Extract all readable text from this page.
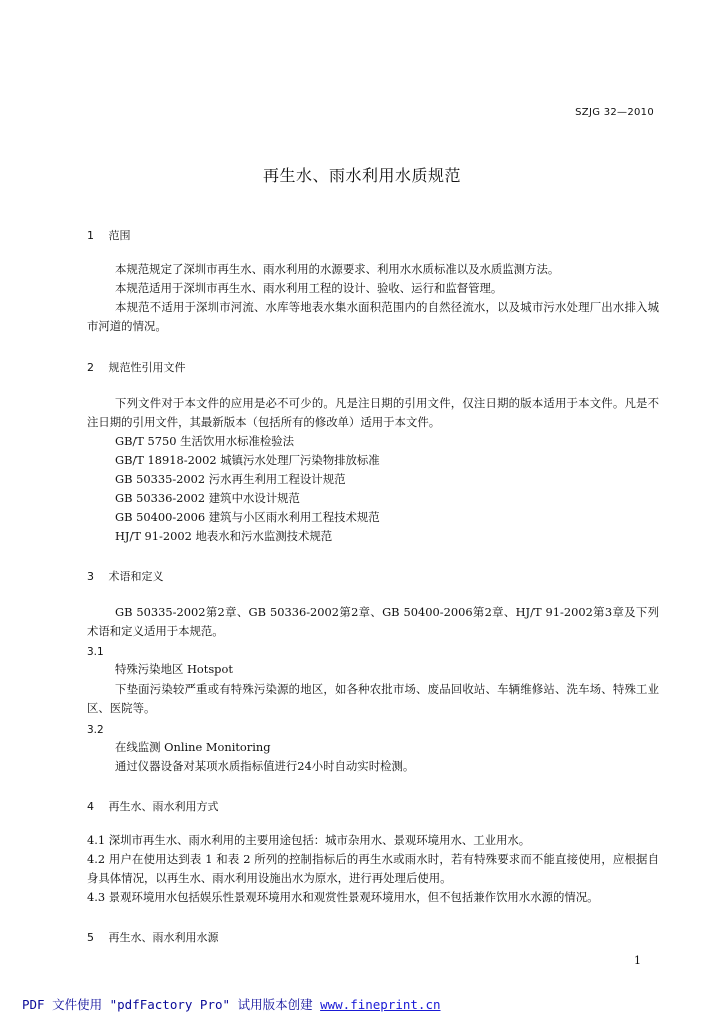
SZJG 32—2010
再生水、雨水利用水质规范
1 范围
本规范规定了深圳市再生水、雨水利用的水源要求、利用水水质标准以及水质监测方法。
本规范适用于深圳市再生水、雨水利用工程的设计、验收、运行和监督管理。
本规范不适用于深圳市河流、水库等地表水集水面积范围内的自然径流水，以及城市污水处理厂出水排入城市河道的情况。
2 规范性引用文件
下列文件对于本文件的应用是必不可少的。凡是注日期的引用文件，仅注日期的版本适用于本文件。凡是不注日期的引用文件，其最新版本（包括所有的修改单）适用于本文件。
GB/T 5750 生活饮用水标准检验法
GB/T 18918-2002 城镇污水处理厂污染物排放标准
GB 50335-2002 污水再生利用工程设计规范
GB 50336-2002 建筑中水设计规范
GB 50400-2006 建筑与小区雨水利用工程技术规范
HJ/T 91-2002 地表水和污水监测技术规范
3 术语和定义
GB 50335-2002第2章、GB 50336-2002第2章、GB 50400-2006第2章、HJ/T 91-2002第3章及下列术语和定义适用于本规范。
3.1
特殊污染地区 Hotspot
下垫面污染较严重或有特殊污染源的地区，如各种农批市场、废品回收站、车辆维修站、洗车场、特殊工业区、医院等。
3.2
在线监测 Online Monitoring
通过仪器设备对某项水质指标值进行24小时自动实时检测。
4 再生水、雨水利用方式
4.1 深圳市再生水、雨水利用的主要用途包括：城市杂用水、景观环境用水、工业用水。
4.2 用户在使用达到表 1 和表 2 所列的控制指标后的再生水或雨水时，若有特殊要求而不能直接使用，应根据自身具体情况，以再生水、雨水利用设施出水为原水，进行再处理后使用。
4.3 景观环境用水包括娱乐性景观环境用水和观赏性景观环境用水，但不包括兼作饮用水水源的情况。
5 再生水、雨水利用水源
1
PDF 文件使用 "pdfFactory Pro" 试用版本创建 www.fineprint.cn
